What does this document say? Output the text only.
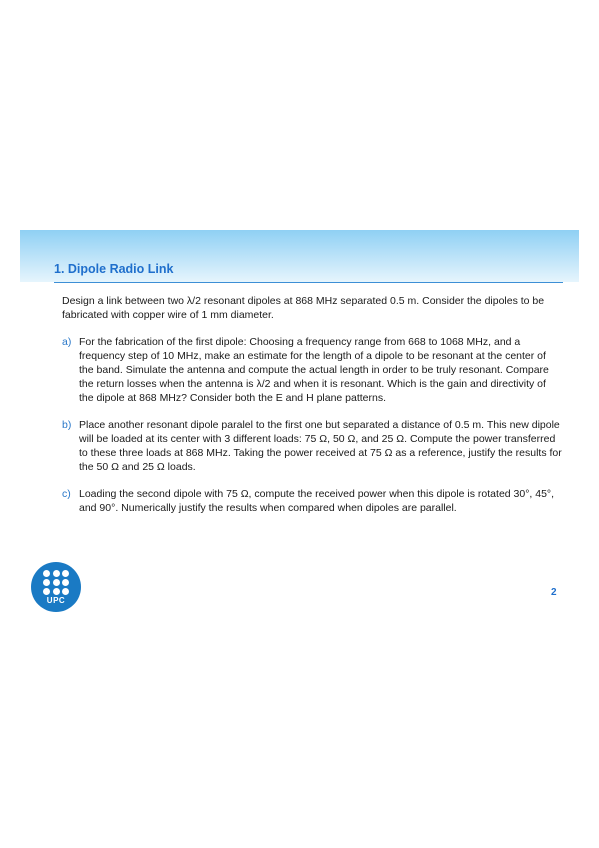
1. Dipole Radio Link

Design a link between two λ/2 resonant dipoles at 868 MHz separated 0.5 m. Consider the dipoles to be fabricated with copper wire of 1 mm diameter.

a) For the fabrication of the first dipole: Choosing a frequency range from 668 to 1068 MHz, and a frequency step of 10 MHz, make an estimate for the length of a dipole to be resonant at the center of the band. Simulate the antenna and compute the actual length in order to be truly resonant. Compare the return losses when the antenna is λ/2 and when it is resonant. Which is the gain and directivity of the dipole at 868 MHz? Consider both the E and H plane patterns.
b) Place another resonant dipole paralel to the first one but separated a distance of 0.5 m. This new dipole will be loaded at its center with 3 different loads: 75 Ω, 50 Ω, and 25 Ω. Compute the power transferred to these three loads at 868 MHz. Taking the power received at 75 Ω as a reference, justify the results for the 50 Ω and 25 Ω loads.
c) Loading the second dipole with 75 Ω, compute the received power when this dipole is rotated 30°, 45°, and 90°. Numerically justify the results when compared when dipoles are parallel.
UPC
2
